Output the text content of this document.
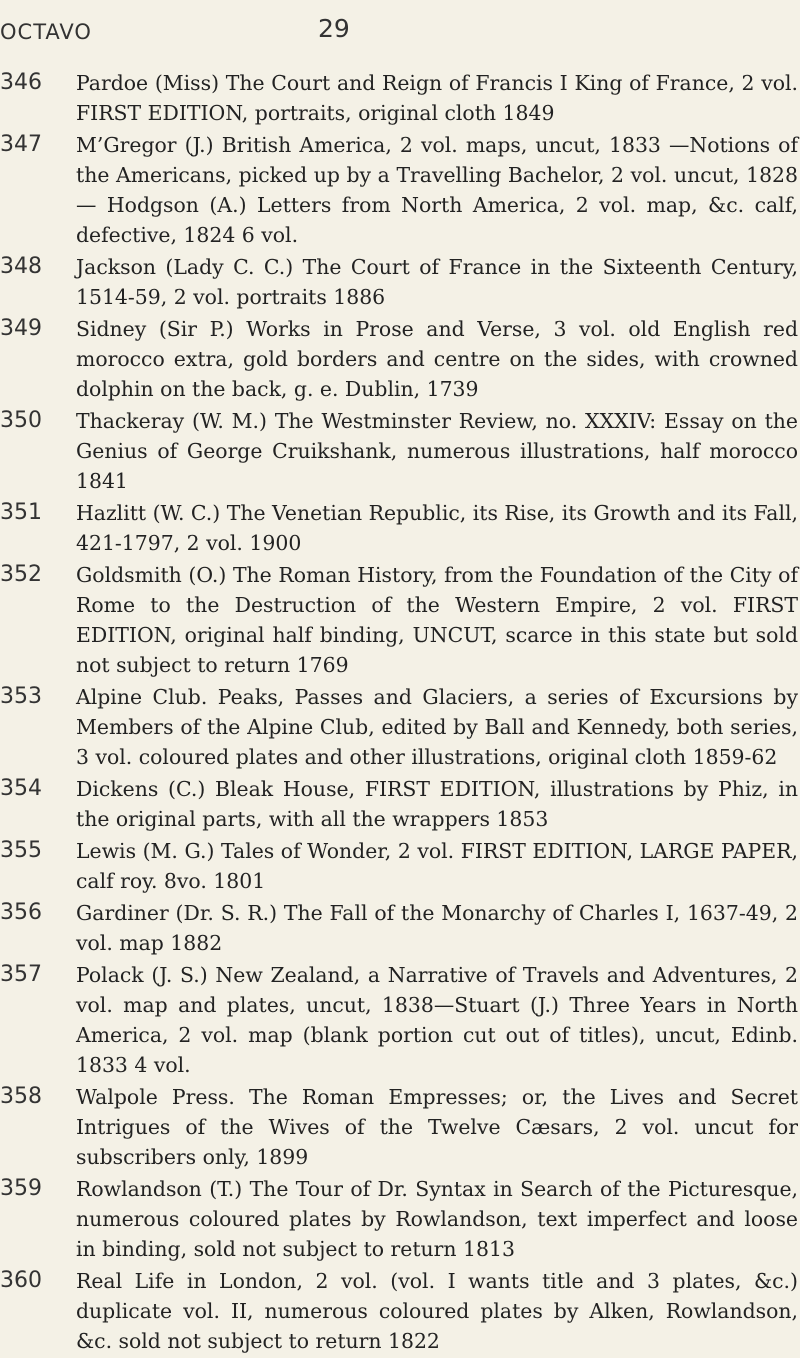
OCTAVO	29
346 Pardoe (Miss) The Court and Reign of Francis I King of France, 2 vol. FIRST EDITION, portraits, original cloth 1849
347 M’Gregor (J.) British America, 2 vol. maps, uncut, 1833 —Notions of the Americans, picked up by a Travelling Bachelor, 2 vol. uncut, 1828— Hodgson (A.) Letters from North America, 2 vol. map, &c. calf, defective, 1824 6 vol.
348 Jackson (Lady C. C.) The Court of France in the Sixteenth Century, 1514-59, 2 vol. portraits 1886
349 Sidney (Sir P.) Works in Prose and Verse, 3 vol. old English red morocco extra, gold borders and centre on the sides, with crowned dolphin on the back, g. e. Dublin, 1739
350 Thackeray (W. M.) The Westminster Review, no. XXXIV: Essay on the Genius of George Cruikshank, numerous illustrations, half morocco 1841
351 Hazlitt (W. C.) The Venetian Republic, its Rise, its Growth and its Fall, 421-1797, 2 vol. 1900
352 Goldsmith (O.) The Roman History, from the Foundation of the City of Rome to the Destruction of the Western Empire, 2 vol. FIRST EDITION, original half binding, UNCUT, scarce in this state but sold not subject to return 1769
353 Alpine Club. Peaks, Passes and Glaciers, a series of Excursions by Members of the Alpine Club, edited by Ball and Kennedy, both series, 3 vol. coloured plates and other illustrations, original cloth 1859-62
354 Dickens (C.) Bleak House, FIRST EDITION, illustrations by Phiz, in the original parts, with all the wrappers 1853
355 Lewis (M. G.) Tales of Wonder, 2 vol. FIRST EDITION, LARGE PAPER, calf roy. 8vo. 1801
356 Gardiner (Dr. S. R.) The Fall of the Monarchy of Charles I, 1637-49, 2 vol. map 1882
357 Polack (J. S.) New Zealand, a Narrative of Travels and Adventures, 2 vol. map and plates, uncut, 1838—Stuart (J.) Three Years in North America, 2 vol. map (blank portion cut out of titles), uncut, Edinb. 1833 4 vol.
358 Walpole Press. The Roman Empresses; or, the Lives and Secret Intrigues of the Wives of the Twelve Cæsars, 2 vol. uncut for subscribers only, 1899
359 Rowlandson (T.) The Tour of Dr. Syntax in Search of the Picturesque, numerous coloured plates by Rowlandson, text imperfect and loose in binding, sold not subject to return 1813
360 Real Life in London, 2 vol. (vol. I wants title and 3 plates, &c.) duplicate vol. II, numerous coloured plates by Alken, Rowlandson, &c. sold not subject to return 1822
